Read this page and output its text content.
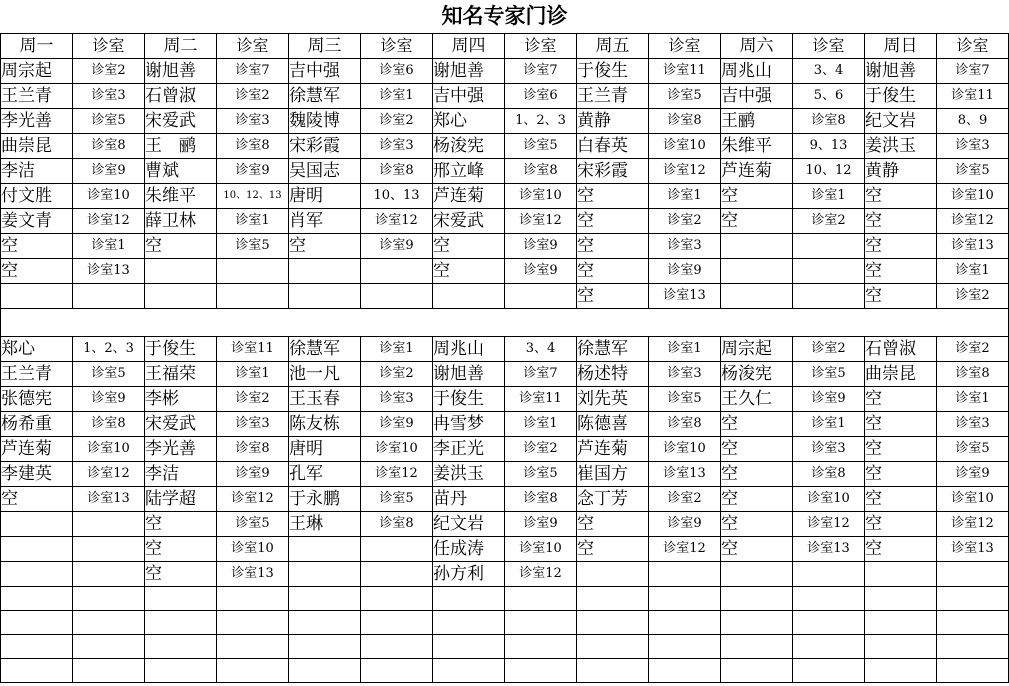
知名专家门诊
周一	诊室	周二	诊室	周三	诊室	周四	诊室	周五	诊室	周六	诊室	周日	诊室
周宗起	诊室2	谢旭善	诊室7	吉中强	诊室6	谢旭善	诊室7	于俊生	诊室11	周兆山	3、4	谢旭善	诊室7
王兰青	诊室3	石曾淑	诊室2	徐慧军	诊室1	吉中强	诊室6	王兰青	诊室5	吉中强	5、6	于俊生	诊室11
李光善	诊室5	宋爱武	诊室3	魏陵博	诊室2	郑心	1、2、3	黄静	诊室8	王鹂	诊室8	纪文岩	8、9
曲崇昆	诊室8	王　鹂	诊室8	宋彩霞	诊室3	杨浚宪	诊室5	白春英	诊室10	朱维平	9、13	姜洪玉	诊室3
李洁	诊室9	曹斌	诊室9	吴国志	诊室8	邢立峰	诊室8	宋彩霞	诊室12	芦连菊	10、12	黄静	诊室5
付文胜	诊室10	朱维平	10、12、13	唐明	10、13	芦连菊	诊室10	空	诊室1	空	诊室1	空	诊室10
姜文青	诊室12	薛卫林	诊室1	肖军	诊室12	宋爱武	诊室12	空	诊室2	空	诊室2	空	诊室12
空	诊室1	空	诊室5	空	诊室9	空	诊室9	空	诊室3			空	诊室13
空	诊室13					空	诊室9	空	诊室9			空	诊室1
								空	诊室13			空	诊室2
郑心	1、2、3	于俊生	诊室11	徐慧军	诊室1	周兆山	3、4	徐慧军	诊室1	周宗起	诊室2	石曾淑	诊室2
王兰青	诊室5	王福荣	诊室1	池一凡	诊室2	谢旭善	诊室7	杨述特	诊室3	杨浚宪	诊室5	曲崇昆	诊室8
张德宪	诊室9	李彬	诊室2	王玉春	诊室3	于俊生	诊室11	刘先英	诊室5	王久仁	诊室9	空	诊室1
杨希重	诊室8	宋爱武	诊室3	陈友栋	诊室9	冉雪梦	诊室1	陈德喜	诊室8	空	诊室1	空	诊室3
芦连菊	诊室10	李光善	诊室8	唐明	诊室10	李正光	诊室2	芦连菊	诊室10	空	诊室3	空	诊室5
李建英	诊室12	李洁	诊室9	孔军	诊室12	姜洪玉	诊室5	崔国方	诊室13	空	诊室8	空	诊室9
空	诊室13	陆学超	诊室12	于永鹏	诊室5	苗丹	诊室8	念丁芳	诊室2	空	诊室10	空	诊室10
		空	诊室5	王琳	诊室8	纪文岩	诊室9	空	诊室9	空	诊室12	空	诊室12
		空	诊室10			任成涛	诊室10	空	诊室12	空	诊室13	空	诊室13
		空	诊室13			孙方利	诊室12						
